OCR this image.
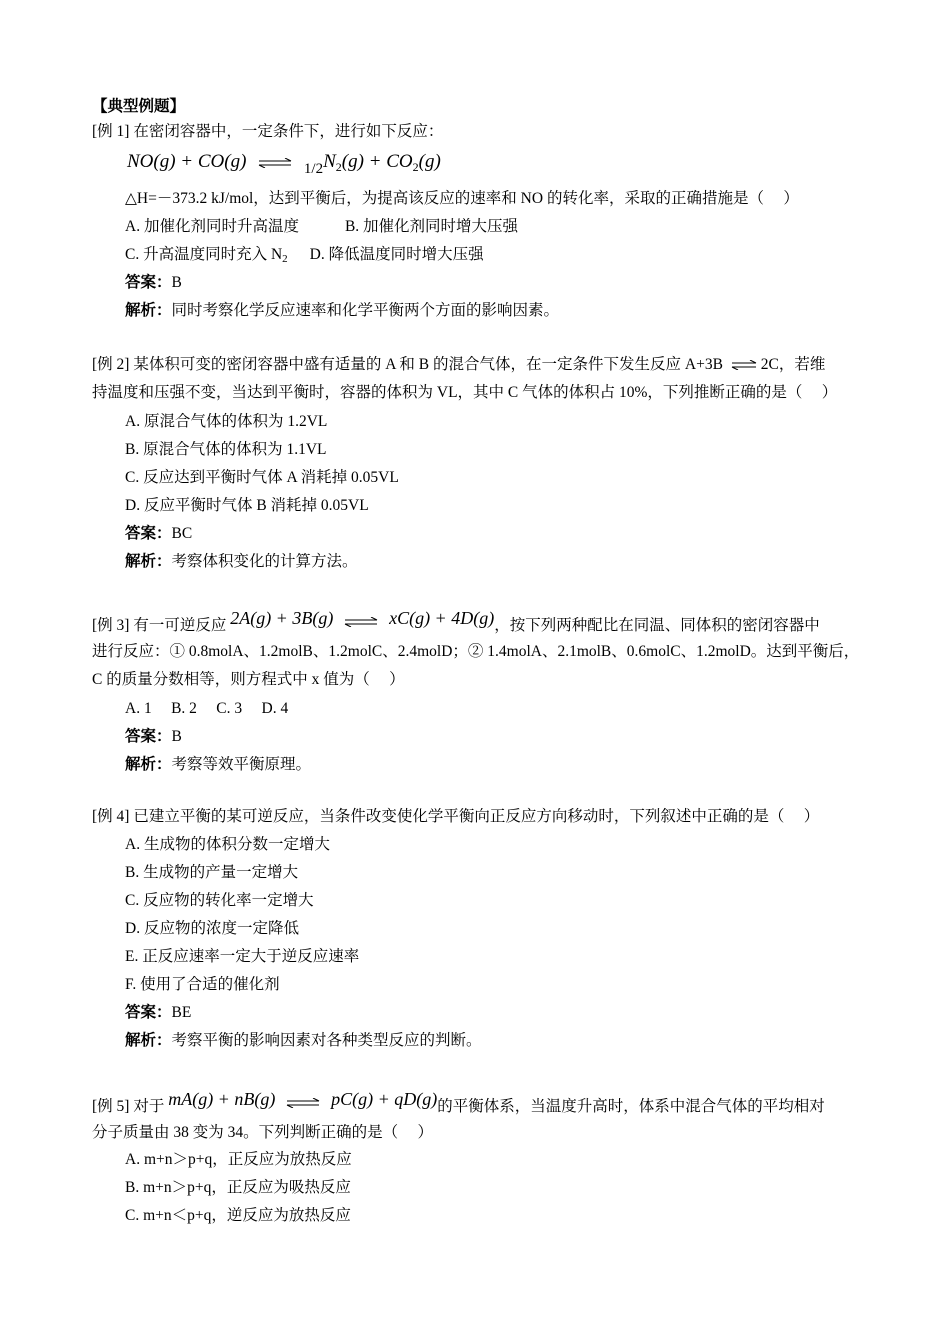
【典型例题】
[例 1] 在密闭容器中，一定条件下，进行如下反应：
NO(g) + CO(g) ⇌ $_{1/2}N_2(g) + CO_2(g)$
△H=－373.2 kJ/mol，达到平衡后，为提高该反应的速率和 NO 的转化率，采取的正确措施是（　 ）
A. 加催化剂同时升高温度	B. 加催化剂同时增大压强
C. 升高温度同时充入 $N_2$ D. 降低温度同时增大压强
答案：B
解析：同时考察化学反应速率和化学平衡两个方面的影响因素。
[例 2] 某体积可变的密闭容器中盛有适量的 A 和 B 的混合气体，在一定条件下发生反应 A+3B ⇌ 2C，若维
持温度和压强不变，当达到平衡时，容器的体积为 VL，其中 C 气体的体积占 10%，下列推断正确的是（　 ）
A. 原混合气体的体积为 1.2VL
B. 原混合气体的体积为 1.1VL
C. 反应达到平衡时气体 A 消耗掉 0.05VL
D. 反应平衡时气体 B 消耗掉 0.05VL
答案：BC
解析：考察体积变化的计算方法。
[例 3] 有一可逆反应 2A(g) + 3B(g) ⇌ xC(g) + 4D(g)，按下列两种配比在同温、同体积的密闭容器中
进行反应：① 0.8molA、1.2molB、1.2molC、2.4molD；② 1.4molA、2.1molB、0.6molC、1.2molD。达到平衡后，
C 的质量分数相等，则方程式中 x 值为（　 ）
A. 1　 B. 2　 C. 3　 D. 4
答案：B
解析：考察等效平衡原理。
[例 4] 已建立平衡的某可逆反应，当条件改变使化学平衡向正反应方向移动时，下列叙述中正确的是（　 ）
A. 生成物的体积分数一定增大
B. 生成物的产量一定增大
C. 反应物的转化率一定增大
D. 反应物的浓度一定降低
E. 正反应速率一定大于逆反应速率
F. 使用了合适的催化剂
答案：BE
解析：考察平衡的影响因素对各种类型反应的判断。
[例 5] 对于 mA(g) + nB(g) ⇌ pC(g) + qD(g)的平衡体系，当温度升高时，体系中混合气体的平均相对
分子质量由 38 变为 34。下列判断正确的是（　 ）
A. m+n＞p+q，正反应为放热反应
B. m+n＞p+q，正反应为吸热反应
C. m+n＜p+q，逆反应为放热反应
